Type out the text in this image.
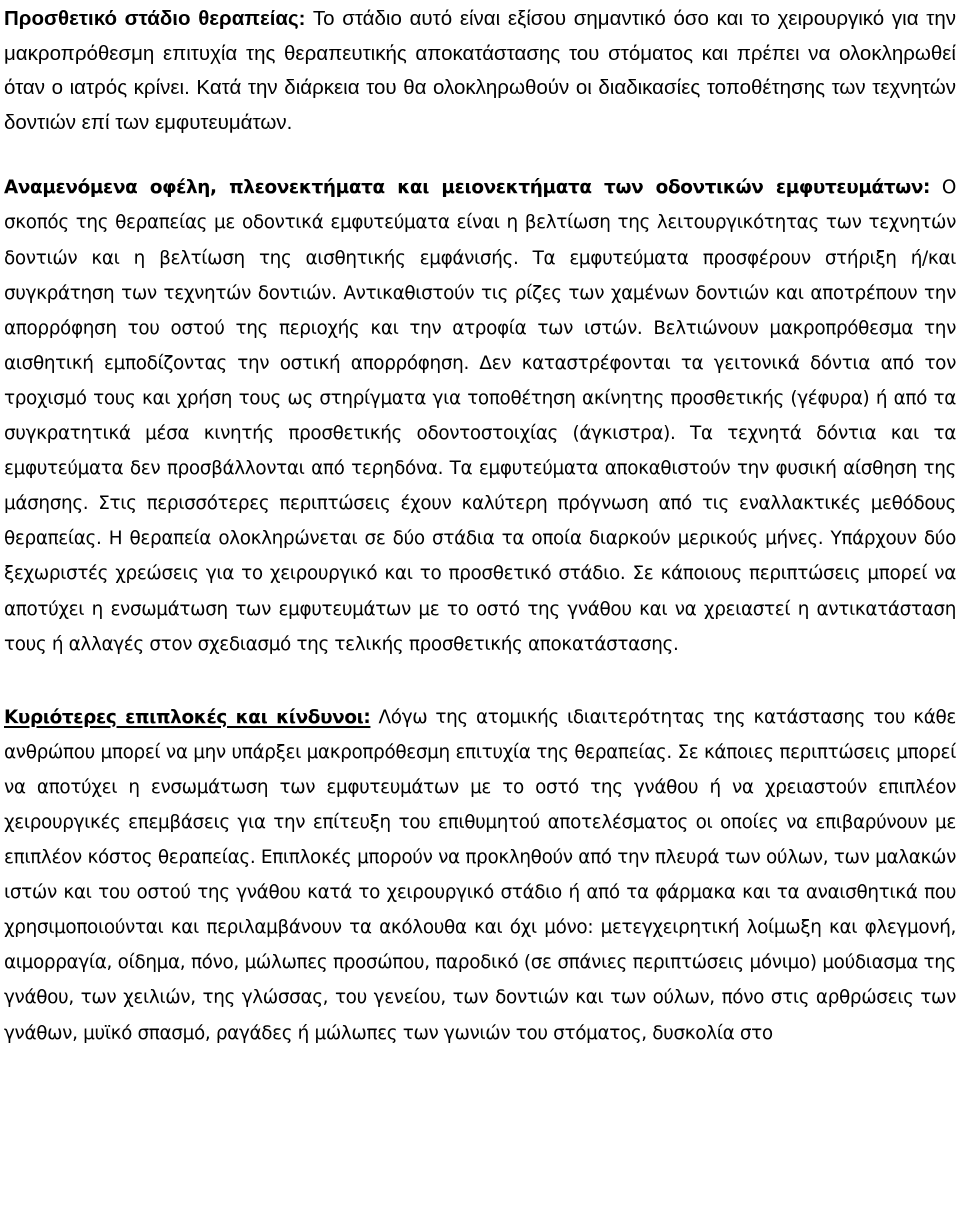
Προσθετικό στάδιο θεραπείας: Το στάδιο αυτό είναι εξίσου σημαντικό όσο και το χειρουργικό για την μακροπρόθεσμη επιτυχία της θεραπευτικής αποκατάστασης του στόματος και πρέπει να ολοκληρωθεί όταν ο ιατρός κρίνει. Κατά την διάρκεια του θα ολοκληρωθούν οι διαδικασίες τοποθέτησης των τεχνητών δοντιών επί των εμφυτευμάτων.

Αναμενόμενα οφέλη, πλεονεκτήματα και μειονεκτήματα των οδοντικών εμφυτευμάτων: Ο σκοπός της θεραπείας με οδοντικά εμφυτεύματα είναι η βελτίωση της λειτουργικότητας των τεχνητών δοντιών και η βελτίωση της αισθητικής εμφάνισής. Τα εμφυτεύματα προσφέρουν στήριξη ή/και συγκράτηση των τεχνητών δοντιών. Αντικαθιστούν τις ρίζες των χαμένων δοντιών και αποτρέπουν την απορρόφηση του οστού της περιοχής και την ατροφία των ιστών. Βελτιώνουν μακροπρόθεσμα την αισθητική εμποδίζοντας την οστική απορρόφηση. Δεν καταστρέφονται τα γειτονικά δόντια από τον τροχισμό τους και χρήση τους ως στηρίγματα για τοποθέτηση ακίνητης προσθετικής (γέφυρα) ή από τα συγκρατητικά μέσα κινητής προσθετικής οδοντοστοιχίας (άγκιστρα). Τα τεχνητά δόντια και τα εμφυτεύματα δεν προσβάλλονται από τερηδόνα. Τα εμφυτεύματα αποκαθιστούν την φυσική αίσθηση της μάσησης. Στις περισσότερες περιπτώσεις έχουν καλύτερη πρόγνωση από τις εναλλακτικές μεθόδους θεραπείας. Η θεραπεία ολοκληρώνεται σε δύο στάδια τα οποία διαρκούν μερικούς μήνες. Υπάρχουν δύο ξεχωριστές χρεώσεις για το χειρουργικό και το προσθετικό στάδιο. Σε κάποιους περιπτώσεις μπορεί να αποτύχει η ενσωμάτωση των εμφυτευμάτων με το οστό της γνάθου και να χρειαστεί η αντικατάσταση τους ή αλλαγές στον σχεδιασμό της τελικής προσθετικής αποκατάστασης.

Κυριότερες επιπλοκές και κίνδυνοι: Λόγω της ατομικής ιδιαιτερότητας της κατάστασης του κάθε ανθρώπου μπορεί να μην υπάρξει μακροπρόθεσμη επιτυχία της θεραπείας. Σε κάποιες περιπτώσεις μπορεί να αποτύχει η ενσωμάτωση των εμφυτευμάτων με το οστό της γνάθου ή να χρειαστούν επιπλέον χειρουργικές επεμβάσεις για την επίτευξη του επιθυμητού αποτελέσματος οι οποίες να επιβαρύνουν με επιπλέον κόστος θεραπείας. Επιπλοκές μπορούν να προκληθούν από την πλευρά των ούλων, των μαλακών ιστών και του οστού της γνάθου κατά το χειρουργικό στάδιο ή από τα φάρμακα και τα αναισθητικά που χρησιμοποιούνται και περιλαμβάνουν τα ακόλουθα και όχι μόνο: μετεγχειρητική λοίμωξη και φλεγμονή, αιμορραγία, οίδημα, πόνο, μώλωπες προσώπου, παροδικό (σε σπάνιες περιπτώσεις μόνιμο) μούδιασμα της γνάθου, των χειλιών, της γλώσσας, του γενείου, των δοντιών και των ούλων, πόνο στις αρθρώσεις των γνάθων, μυϊκό σπασμό, ραγάδες ή μώλωπες των γωνιών του στόματος, δυσκολία στο
